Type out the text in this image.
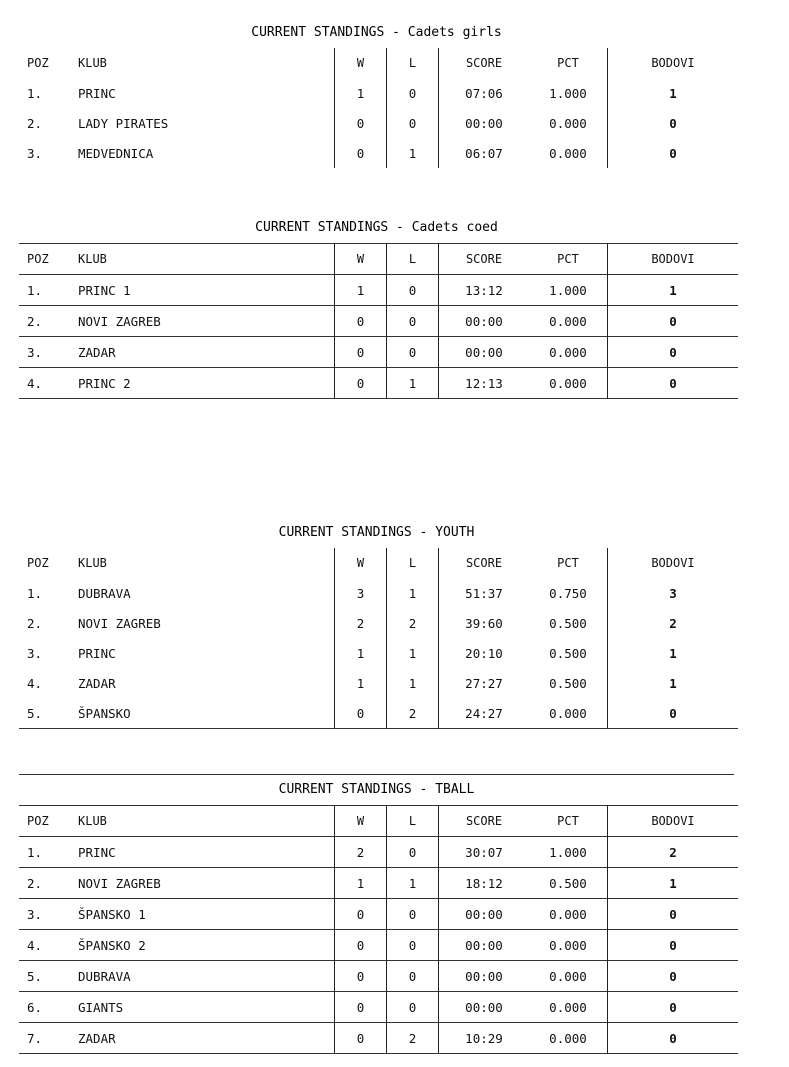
CURRENT STANDINGS - Cadets girls
POZ	KLUB	W	L	SCORE	PCT	BODOVI
1.	PRINC	1	0	07:06	1.000	1
2.	LADY PIRATES	0	0	00:00	0.000	0
3.	MEDVEDNICA	0	1	06:07	0.000	0
CURRENT STANDINGS - Cadets coed
POZ	KLUB	W	L	SCORE	PCT	BODOVI
1.	PRINC 1	1	0	13:12	1.000	1
2.	NOVI ZAGREB	0	0	00:00	0.000	0
3.	ZADAR	0	0	00:00	0.000	0
4.	PRINC 2	0	1	12:13	0.000	0
CURRENT STANDINGS - YOUTH
POZ	KLUB	W	L	SCORE	PCT	BODOVI
1.	DUBRAVA	3	1	51:37	0.750	3
2.	NOVI ZAGREB	2	2	39:60	0.500	2
3.	PRINC	1	1	20:10	0.500	1
4.	ZADAR	1	1	27:27	0.500	1
5.	ŠPANSKO	0	2	24:27	0.000	0
CURRENT STANDINGS - TBALL
POZ	KLUB	W	L	SCORE	PCT	BODOVI
1.	PRINC	2	0	30:07	1.000	2
2.	NOVI ZAGREB	1	1	18:12	0.500	1
3.	ŠPANSKO 1	0	0	00:00	0.000	0
4.	ŠPANSKO 2	0	0	00:00	0.000	0
5.	DUBRAVA	0	0	00:00	0.000	0
6.	GIANTS	0	0	00:00	0.000	0
7.	ZADAR	0	2	10:29	0.000	0
